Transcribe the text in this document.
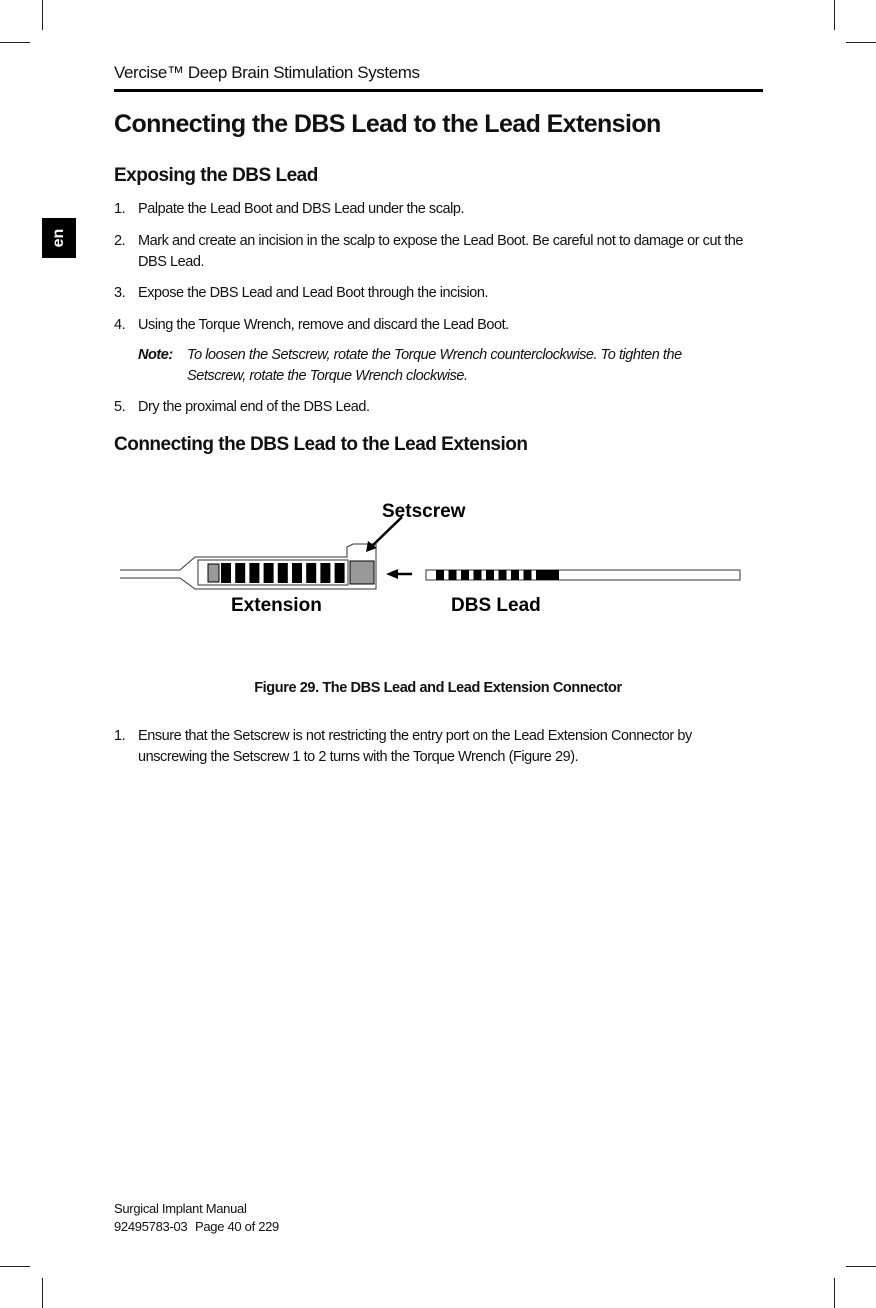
Vercise™ Deep Brain Stimulation Systems
en
Connecting the DBS Lead to the Lead Extension
Exposing the DBS Lead
1. Palpate the Lead Boot and DBS Lead under the scalp.
2. Mark and create an incision in the scalp to expose the Lead Boot. Be careful not to damage or cut the DBS Lead.
3. Expose the DBS Lead and Lead Boot through the incision.
4. Using the Torque Wrench, remove and discard the Lead Boot.
Note: To loosen the Setscrew, rotate the Torque Wrench counterclockwise. To tighten the Setscrew, rotate the Torque Wrench clockwise.
5. Dry the proximal end of the DBS Lead.
Connecting the DBS Lead to the Lead Extension
Setscrew
Extension	DBS Lead
Figure 29. The DBS Lead and Lead Extension Connector
1. Ensure that the Setscrew is not restricting the entry port on the Lead Extension Connector by unscrewing the Setscrew 1 to 2 turns with the Torque Wrench (Figure 29).
Surgical Implant Manual
92495783-03 Page 40 of 229
